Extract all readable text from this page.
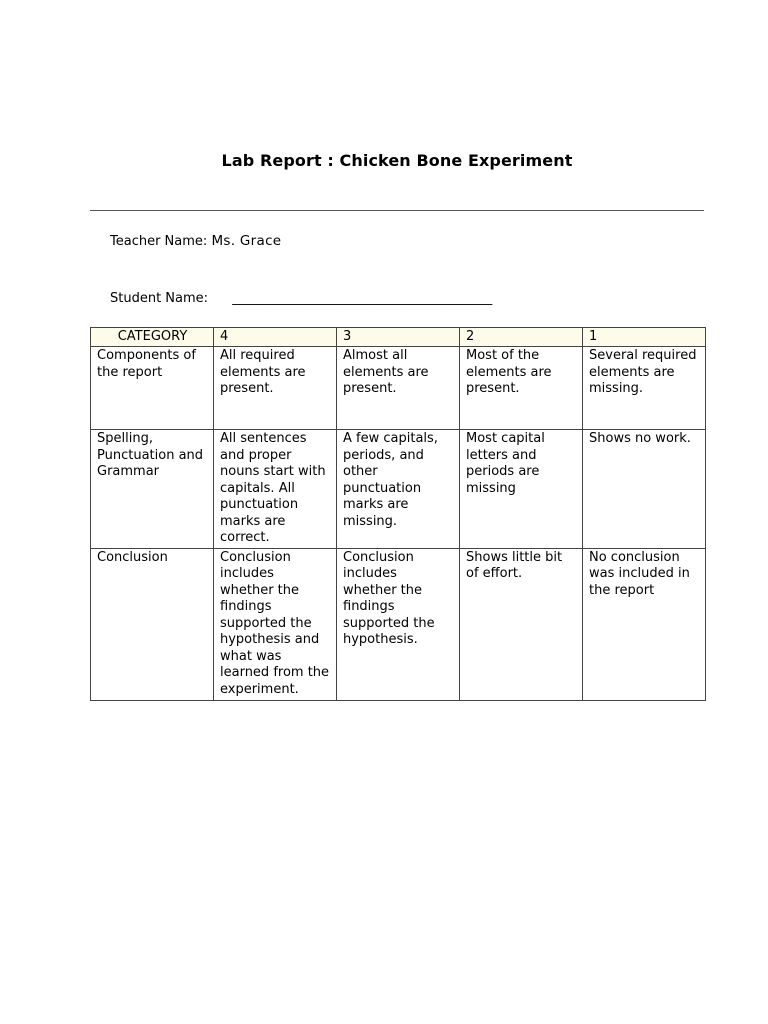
Lab Report : Chicken Bone Experiment
Teacher Name: Ms. Grace
Student Name: ________________________________________
CATEGORY	4	3	2	1
Components of the report	All required elements are present.	Almost all elements are present.	Most of the elements are present.	Several required elements are missing.
Spelling, Punctuation and Grammar	All sentences and proper nouns start with capitals. All punctuation marks are correct.	A few capitals, periods, and other punctuation marks are missing.	Most capital letters and periods are missing	Shows no work.
Conclusion	Conclusion includes whether the findings supported the hypothesis and what was learned from the experiment.	Conclusion includes whether the findings supported the hypothesis.	Shows little bit of effort.	No conclusion was included in the report
